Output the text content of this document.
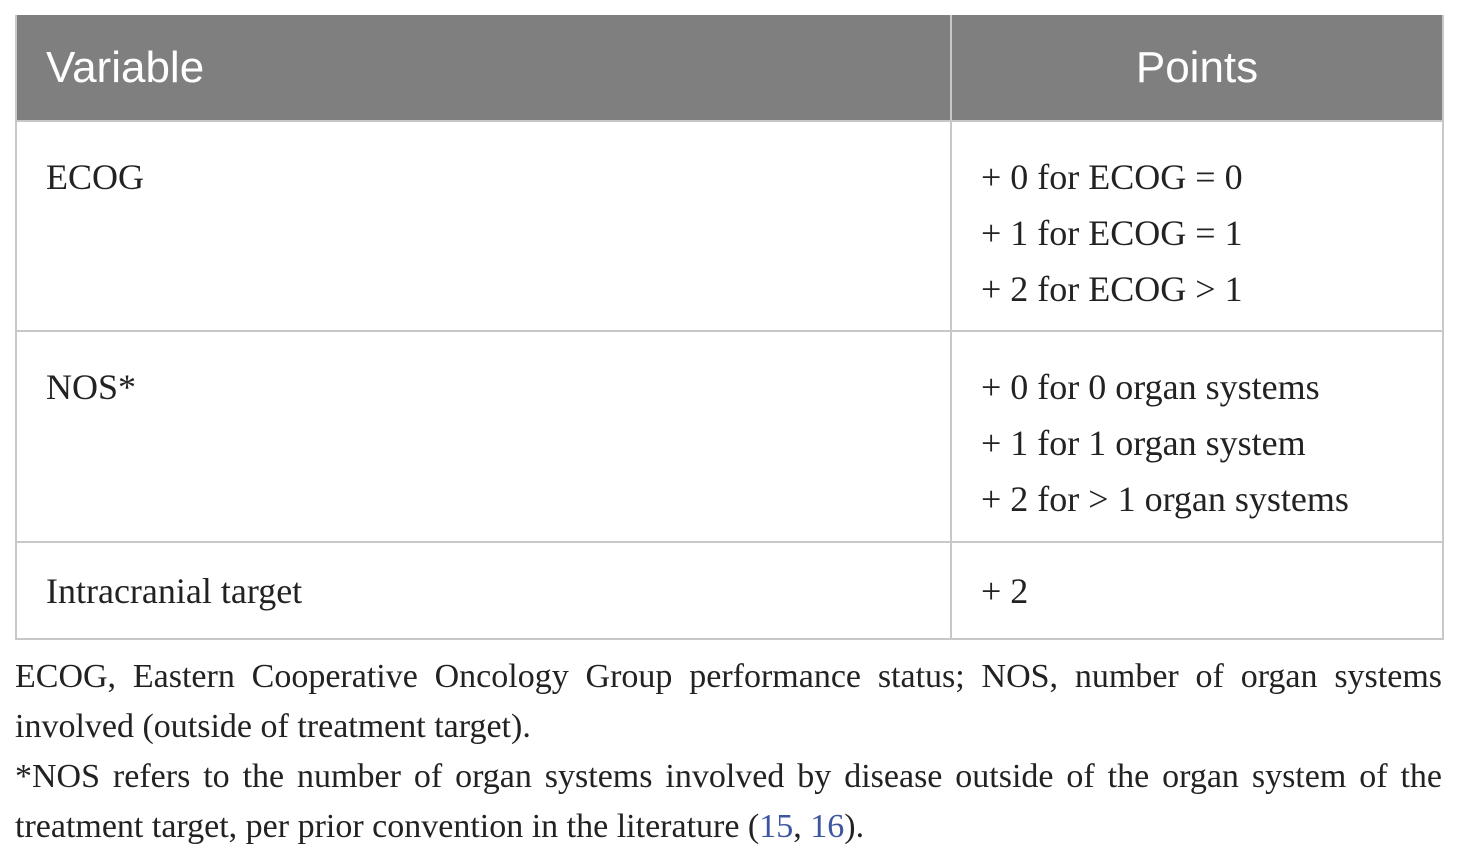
Variable	Points
ECOG	+ 0 for ECOG = 0
+ 1 for ECOG = 1
+ 2 for ECOG > 1

NOS*	+ 0 for 0 organ systems
+ 1 for 1 organ system
+ 2 for > 1 organ systems

Intracranial target	+ 2

ECOG, Eastern Cooperative Oncology Group performance status; NOS, number of organ systems involved (outside of treatment target).

*NOS refers to the number of organ systems involved by disease outside of the organ system of the treatment target, per prior convention in the literature (15, 16).
